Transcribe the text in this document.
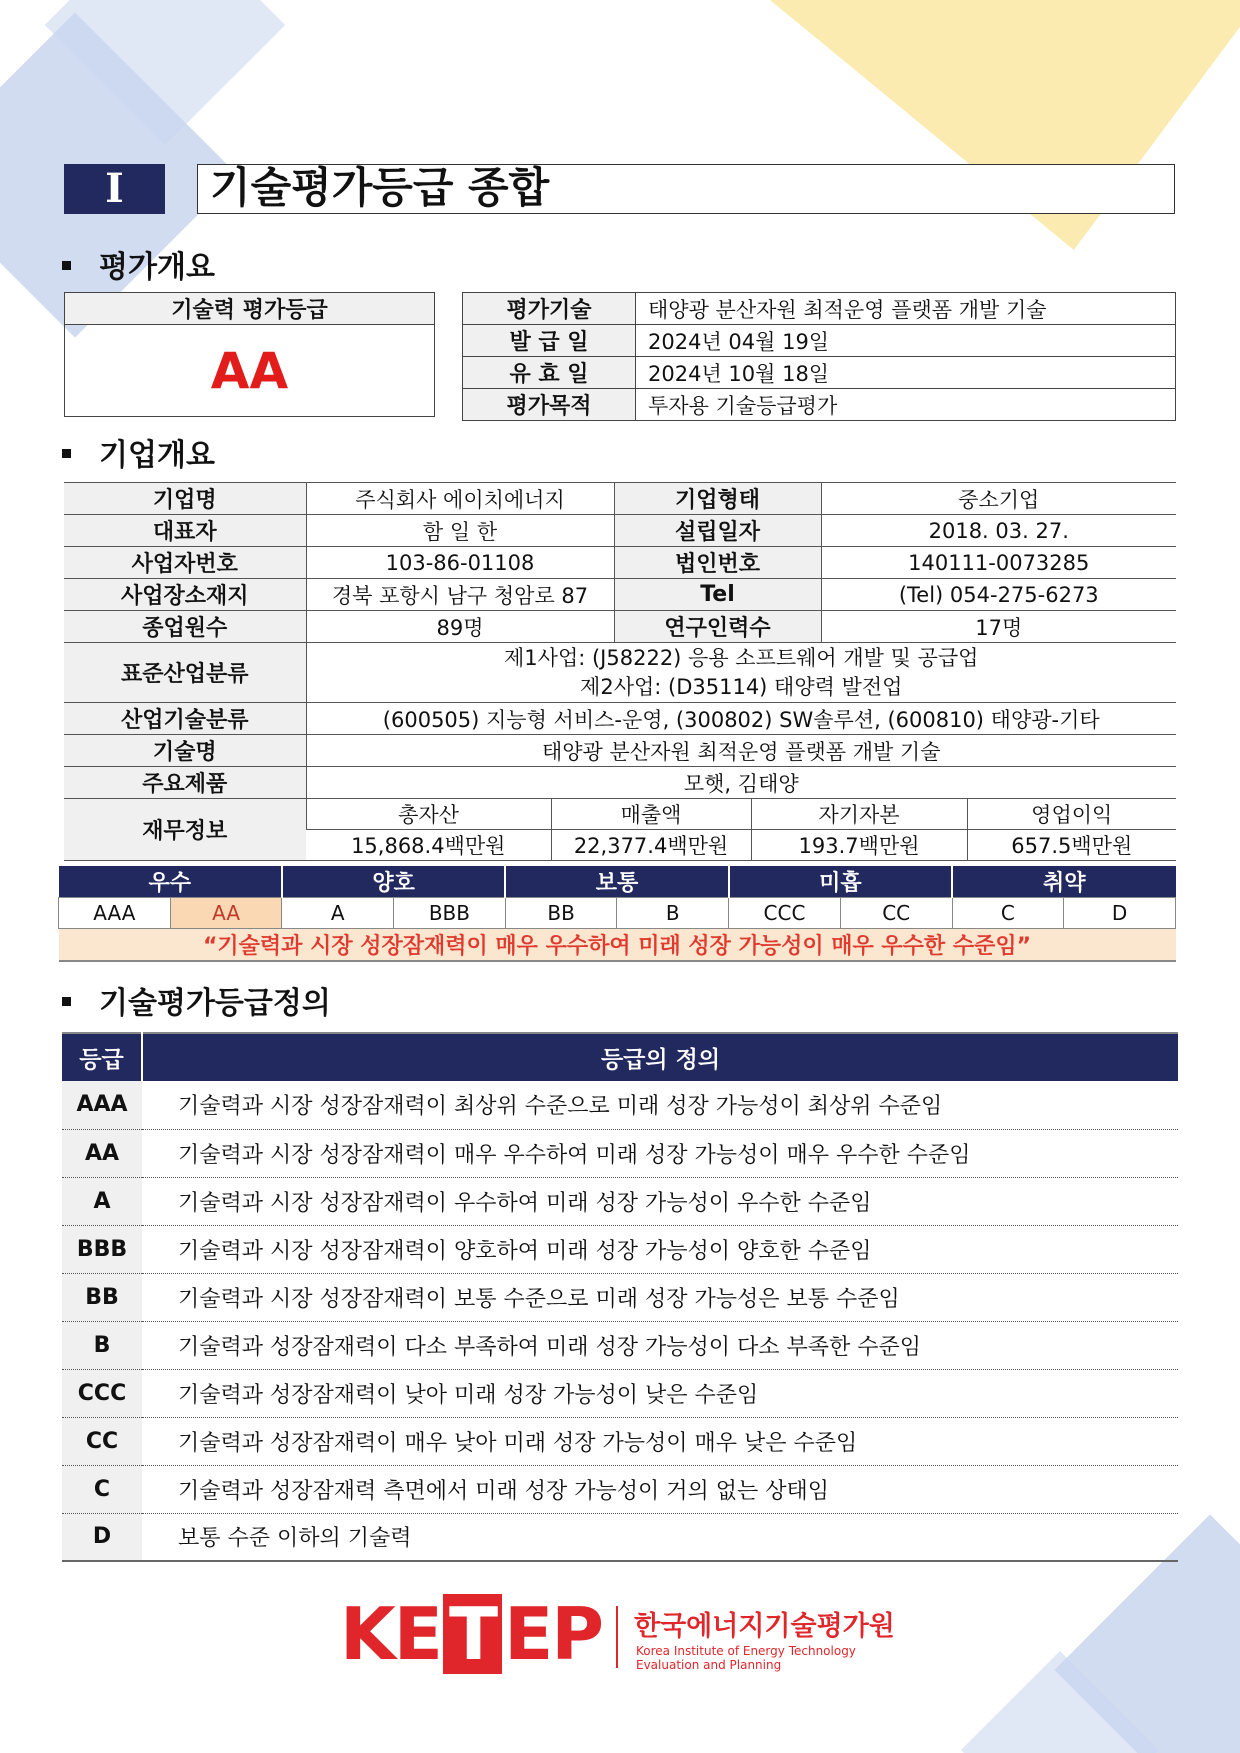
I	기술평가등급 종합
평가개요
기술력 평가등급
AA
평가기술	태양광 분산자원 최적운영 플랫폼 개발 기술
발 급 일	2024년 04월 19일
유 효 일	2024년 10월 18일
평가목적	투자용 기술등급평가
기업개요
기업명	주식회사 에이치에너지		기업형태		중소기업	
대표자	함 일 한		설립일자		2018. 03. 27.	
사업자번호	103-86-01108		법인번호		140111-0073285	
사업장소재지	경북 포항시 남구 청암로 87		Tel		(Tel) 054-275-6273	
종업원수	89명		연구인력수		17명	
표준산업분류	제1사업: (J58222) 응용 소프트웨어 개발 및 공급업
제2사업: (D35114) 태양력 발전업					

산업기술분류	(600505) 지능형 서비스-운영, (300802) SW솔루션, (600810) 태양광-기타					
기술명	태양광 분산자원 최적운영 플랫폼 개발 기술					
주요제품	모햇, 김태양					
재무정보	총자산	매출액		자기자본		영업이익
	15,868.4백만원	22,377.4백만원		193.7백만원		657.5백만원
우수		양호		보통		미흡		취약	
AAA	AA	A	BBB	BB	B	CCC	CC	C	D
“기술력과 시장 성장잠재력이 매우 우수하여 미래 성장 가능성이 매우 우수한 수준임”									
기술평가등급정의
등급	등급의 정의
AAA	기술력과 시장 성장잠재력이 최상위 수준으로 미래 성장 가능성이 최상위 수준임
AA	기술력과 시장 성장잠재력이 매우 우수하여 미래 성장 가능성이 매우 우수한 수준임
A	기술력과 시장 성장잠재력이 우수하여 미래 성장 가능성이 우수한 수준임
BBB	기술력과 시장 성장잠재력이 양호하여 미래 성장 가능성이 양호한 수준임
BB	기술력과 시장 성장잠재력이 보통 수준으로 미래 성장 가능성은 보통 수준임
B	기술력과 성장잠재력이 다소 부족하여 미래 성장 가능성이 다소 부족한 수준임
CCC	기술력과 성장잠재력이 낮아 미래 성장 가능성이 낮은 수준임
CC	기술력과 성장잠재력이 매우 낮아 미래 성장 가능성이 매우 낮은 수준임
C	기술력과 성장잠재력 측면에서 미래 성장 가능성이 거의 없는 상태임
D	보통 수준 이하의 기술력
KE T EP 한국에너지기술평가원
Korea Institute of Energy Technology
Evaluation and Planning
